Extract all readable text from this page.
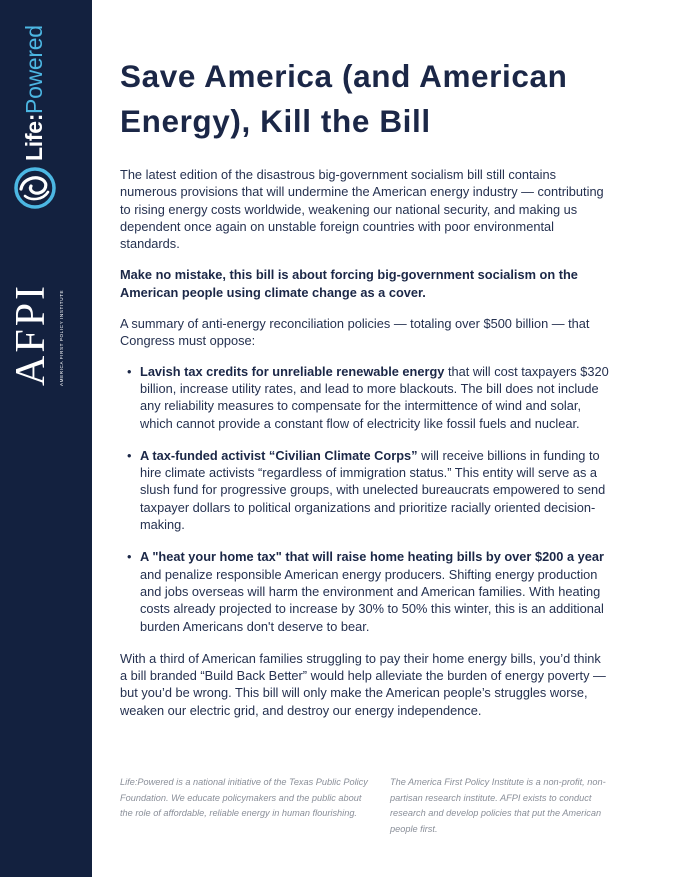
Life:Powered
AFPI	AMERICA FIRST POLICY INSTITUTE
Save America (and American Energy), Kill the Bill

The latest edition of the disastrous big-government socialism bill still contains numerous provisions that will undermine the American energy industry — contributing to rising energy costs worldwide, weakening our national security, and making us dependent once again on unstable foreign countries with poor environmental standards.

Make no mistake, this bill is about forcing big-government socialism on the American people using climate change as a cover.

A summary of anti-energy reconciliation policies — totaling over $500 billion — that Congress must oppose:

• Lavish tax credits for unreliable renewable energy that will cost taxpayers $320 billion, increase utility rates, and lead to more blackouts. The bill does not include any reliability measures to compensate for the intermittence of wind and solar, which cannot provide a constant flow of electricity like fossil fuels and nuclear.
• A tax-funded activist “Civilian Climate Corps” will receive billions in funding to hire climate activists “regardless of immigration status.” This entity will serve as a slush fund for progressive groups, with unelected bureaucrats empowered to send taxpayer dollars to political organizations and prioritize racially oriented decision-making.
• A "heat your home tax" that will raise home heating bills by over $200 a year and penalize responsible American energy producers. Shifting energy production and jobs overseas will harm the environment and American families. With heating costs already projected to increase by 30% to 50% this winter, this is an additional burden Americans don't deserve to bear.

With a third of American families struggling to pay their home energy bills, you’d think a bill branded “Build Back Better” would help alleviate the burden of energy poverty — but you’d be wrong. This bill will only make the American people’s struggles worse, weaken our electric grid, and destroy our energy independence.

Life:Powered is a national initiative of the Texas Public Policy Foundation. We educate policymakers and the public about the role of affordable, reliable energy in human flourishing.
The America First Policy Institute is a non-profit, non-partisan research institute. AFPI exists to conduct research and develop policies that put the American people first.
